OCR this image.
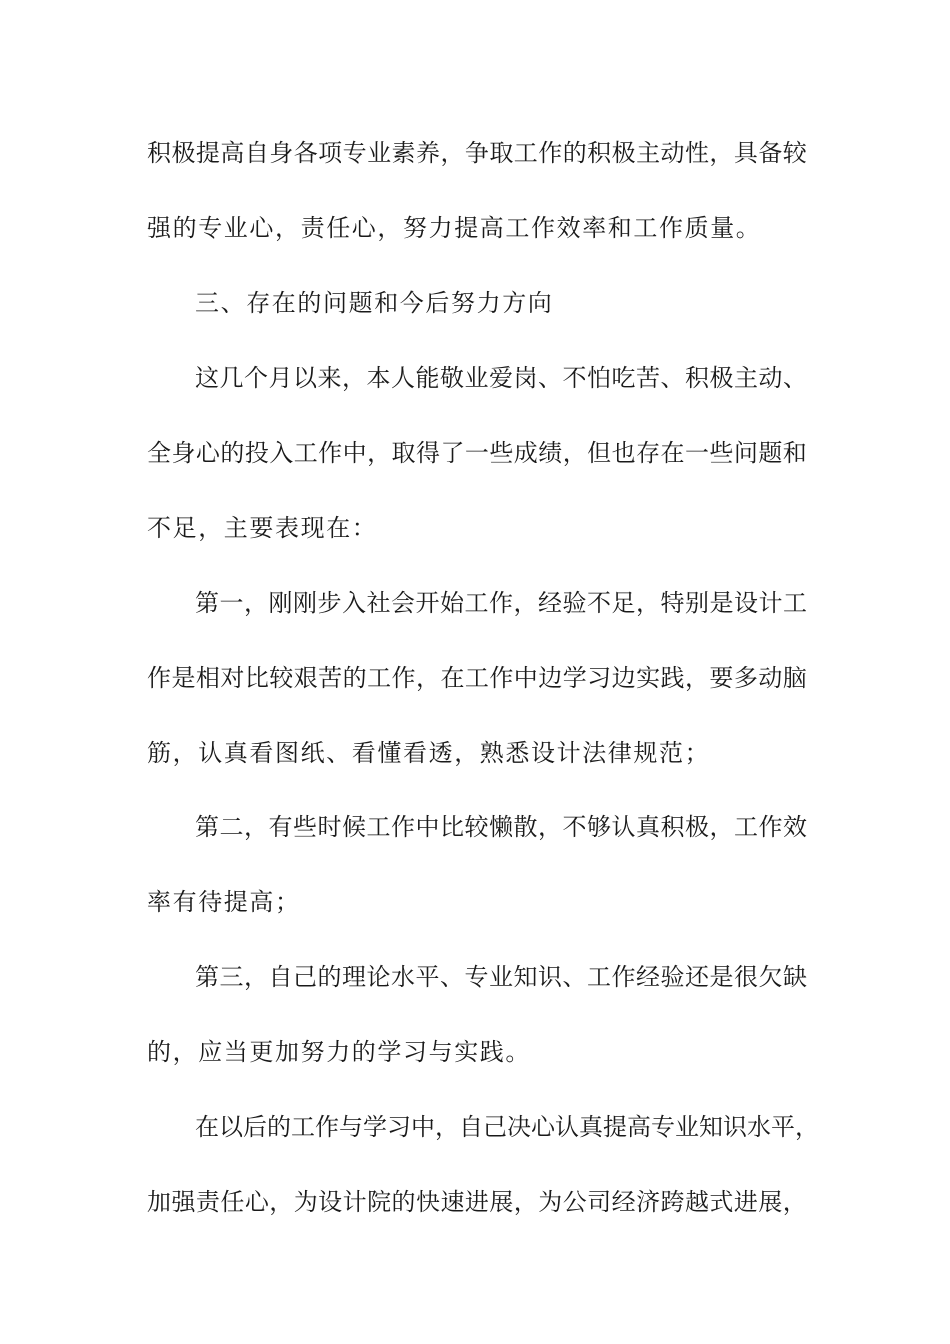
积 极 提 高 自 身 各 项 专 业 素 养 ， 争 取 工 作 的 积 极 主 动 性 ， 具 备 较
强的专业心，责任心，努力提高工作效率和工作质量。
三、存在的问题和今后努力方向
这 几 个 月 以 来 ， 本 人 能 敬 业 爱 岗 、 不 怕 吃 苦 、 积 极 主 动 、
全 身 心 的 投 入 工 作 中 ， 取 得 了 一 些 成 绩 ， 但 也 存 在 一 些 问 题 和
不足，主要表现在：
第 一 ， 刚 刚 步 入 社 会 开 始 工 作 ， 经 验 不 足 ， 特 别 是 设 计 工
作 是 相 对 比 较 艰 苦 的 工 作 ， 在 工 作 中 边 学 习 边 实 践 ， 要 多 动 脑
筋，认真看图纸、看懂看透，熟悉设计法律规范；
第 二 ， 有 些 时 候 工 作 中 比 较 懒 散 ， 不 够 认 真 积 极 ， 工 作 效
率有待提高；
第 三 ， 自 己 的 理 论 水 平 、 专 业 知 识 、 工 作 经 验 还 是 很 欠 缺
的，应当更加努力的学习与实践。
在 以 后 的 工 作 与 学 习 中 ， 自 己 决 心 认 真 提 高 专 业 知 识 水 平 ，
加 强 责 任 心 ， 为 设 计 院 的 快 速 进 展 ， 为 公 司 经 济 跨 越 式 进 展 ，
